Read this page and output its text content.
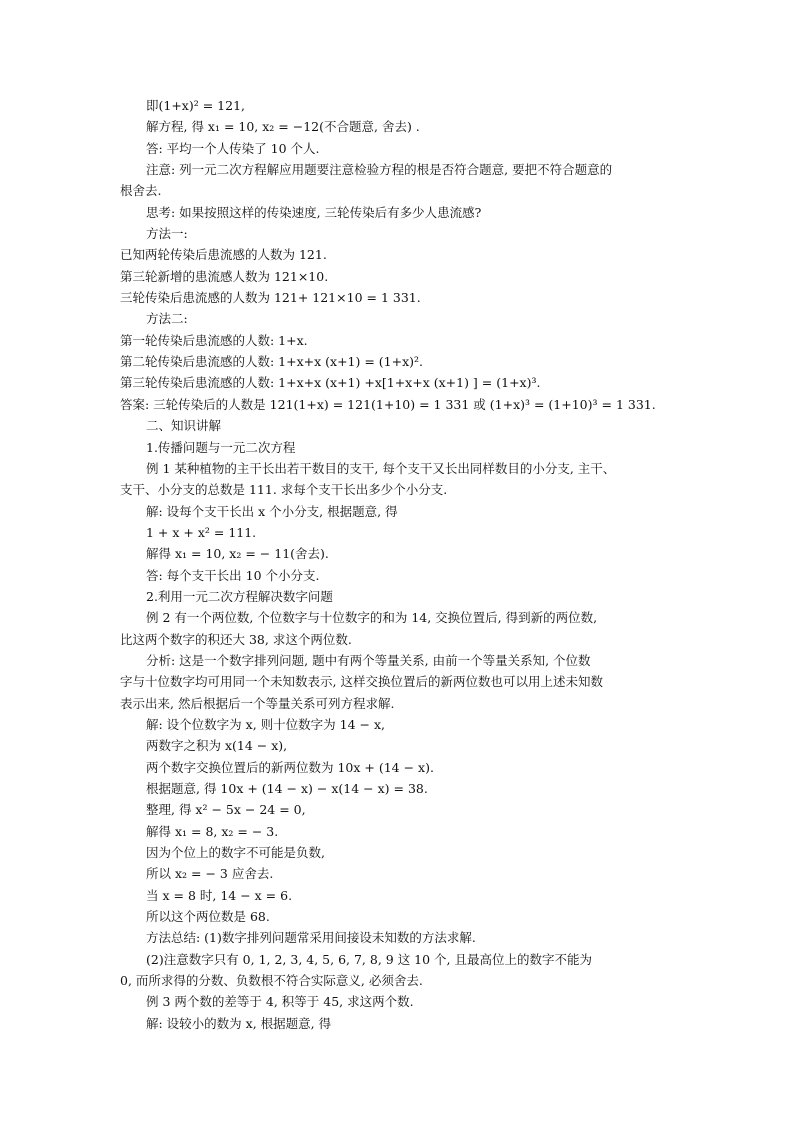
即(1+x)² = 121,
解方程, 得 x₁ = 10, x₂ = −12(不合题意, 舍去) .
答: 平均一个人传染了 10 个人.
注意: 列一元二次方程解应用题要注意检验方程的根是否符合题意, 要把不符合题意的
根舍去.
思考: 如果按照这样的传染速度, 三轮传染后有多少人患流感?
方法一:
已知两轮传染后患流感的人数为 121.
第三轮新增的患流感人数为 121×10.
三轮传染后患流感的人数为 121+ 121×10 = 1 331.
方法二:
第一轮传染后患流感的人数: 1+x.
第二轮传染后患流感的人数: 1+x+x (x+1) = (1+x)².
第三轮传染后患流感的人数: 1+x+x (x+1) +x[1+x+x (x+1) ] = (1+x)³.
答案: 三轮传染后的人数是 121(1+x) = 121(1+10) = 1 331 或 (1+x)³ = (1+10)³ = 1 331.
二、知识讲解
1.传播问题与一元二次方程
例 1 某种植物的主干长出若干数目的支干, 每个支干又长出同样数目的小分支, 主干、
支干、小分支的总数是 111. 求每个支干长出多少个小分支.
解: 设每个支干长出 x 个小分支, 根据题意, 得
1 + x + x² = 111.
解得 x₁ = 10, x₂ = − 11(舍去).
答: 每个支干长出 10 个小分支.
2.利用一元二次方程解决数字问题
例 2 有一个两位数, 个位数字与十位数字的和为 14, 交换位置后, 得到新的两位数,
比这两个数字的积还大 38, 求这个两位数.
分析: 这是一个数字排列问题, 题中有两个等量关系, 由前一个等量关系知, 个位数
字与十位数字均可用同一个未知数表示, 这样交换位置后的新两位数也可以用上述未知数
表示出来, 然后根据后一个等量关系可列方程求解.
解: 设个位数字为 x, 则十位数字为 14 − x,
两数字之积为 x(14 − x),
两个数字交换位置后的新两位数为 10x + (14 − x).
根据题意, 得 10x + (14 − x) − x(14 − x) = 38.
整理, 得 x² − 5x − 24 = 0,
解得 x₁ = 8, x₂ = − 3.
因为个位上的数字不可能是负数,
所以 x₂ = − 3 应舍去.
当 x = 8 时, 14 − x = 6.
所以这个两位数是 68.
方法总结: (1)数字排列问题常采用间接设未知数的方法求解.
(2)注意数字只有 0, 1, 2, 3, 4, 5, 6, 7, 8, 9 这 10 个, 且最高位上的数字不能为
0, 而所求得的分数、负数根不符合实际意义, 必须舍去.
例 3 两个数的差等于 4, 积等于 45, 求这两个数.
解: 设较小的数为 x, 根据题意, 得
